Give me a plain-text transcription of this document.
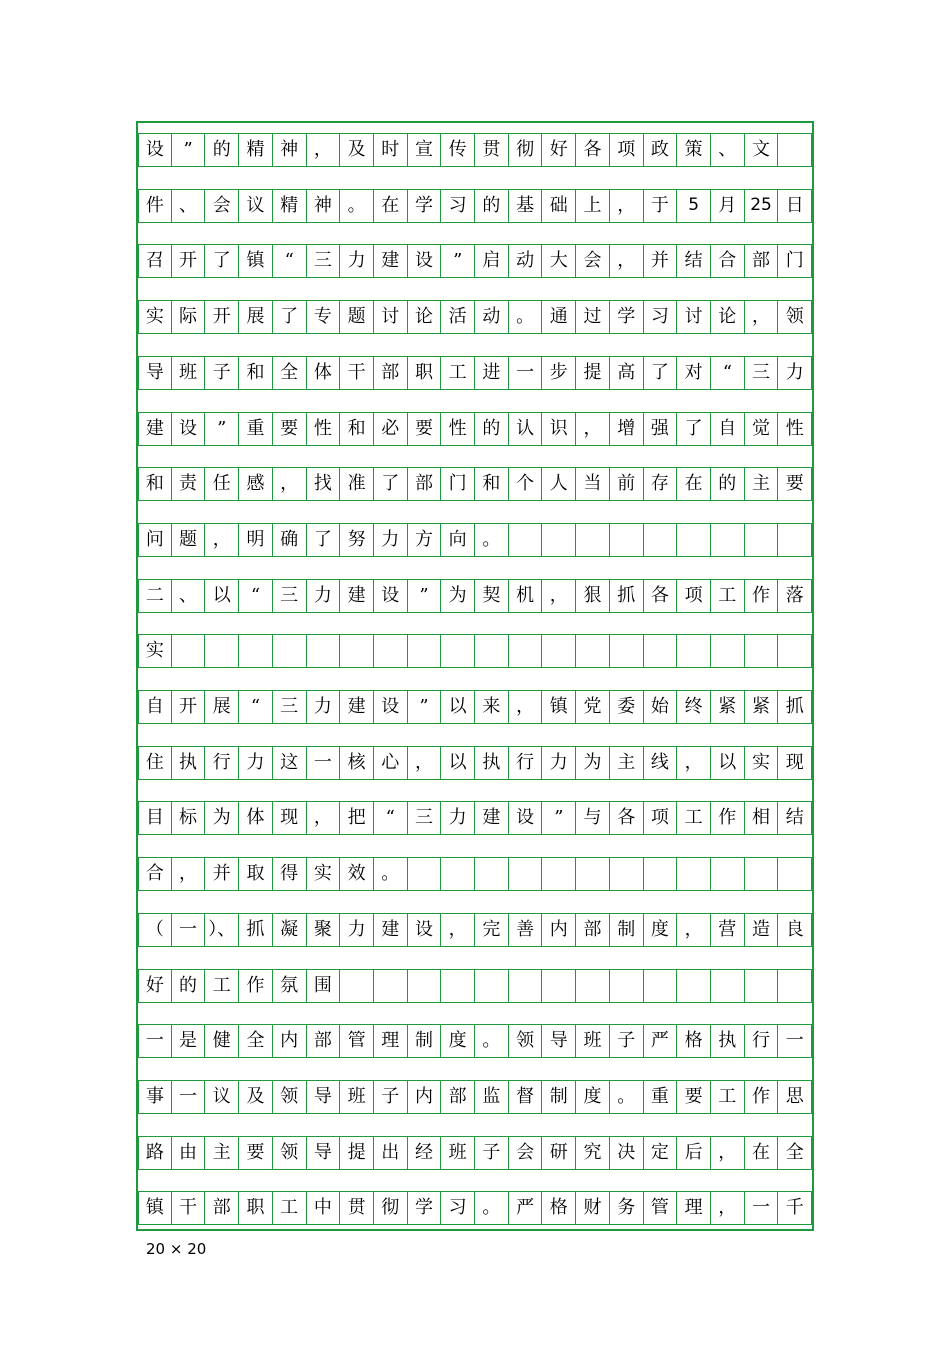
设	”	的 精 神 ， 及 时 宣 传 贯 彻 好 各 项 政 策 、 文
件 、 会 议 精 神 。 在 学 习 的 基 础 上 ， 于	5	月 25 日
召 开 了 镇	“	三 力 建 设	”	启 动 大 会 ， 并 结 合 部 门
实 际 开 展 了 专 题 讨 论 活 动 。 通 过 学 习 讨 论 ， 领
导 班 子 和 全 体 干 部 职 工 进 一 步 提 高 了 对	“	三 力
建 设	”	重 要 性 和 必 要 性 的 认 识 ， 增 强 了 自 觉 性
和 责 任 感 ， 找 准 了 部 门 和 个 人 当 前 存 在 的 主 要
问 题 ， 明 确 了 努 力 方 向 。
二 、 以	“	三 力 建 设	”	为 契 机 ， 狠 抓 各 项 工 作 落
实
自 开 展	“	三 力 建 设	”	以 来 ， 镇 党 委 始 终 紧 紧 抓
住 执 行 力 这 一 核 心 ， 以 执 行 力 为 主 线 ， 以 实 现
目 标 为 体 现 ， 把	“	三 力 建 设	”	与 各 项 工 作 相 结
合 ， 并 取 得 实 效 。
（ 一 ）、 抓 凝 聚 力 建 设 ， 完 善 内 部 制 度 ， 营 造 良
好 的 工 作 氛 围
一 是 健 全 内 部 管 理 制 度 。 领 导 班 子 严 格 执 行 一
事 一 议 及 领 导 班 子 内 部 监 督 制 度 。 重 要 工 作 思
路 由 主 要 领 导 提 出 经 班 子 会 研 究 决 定 后 ， 在 全
镇 干 部 职 工 中 贯 彻 学 习 。 严 格 财 务 管 理 ， 一 千
20 × 20
